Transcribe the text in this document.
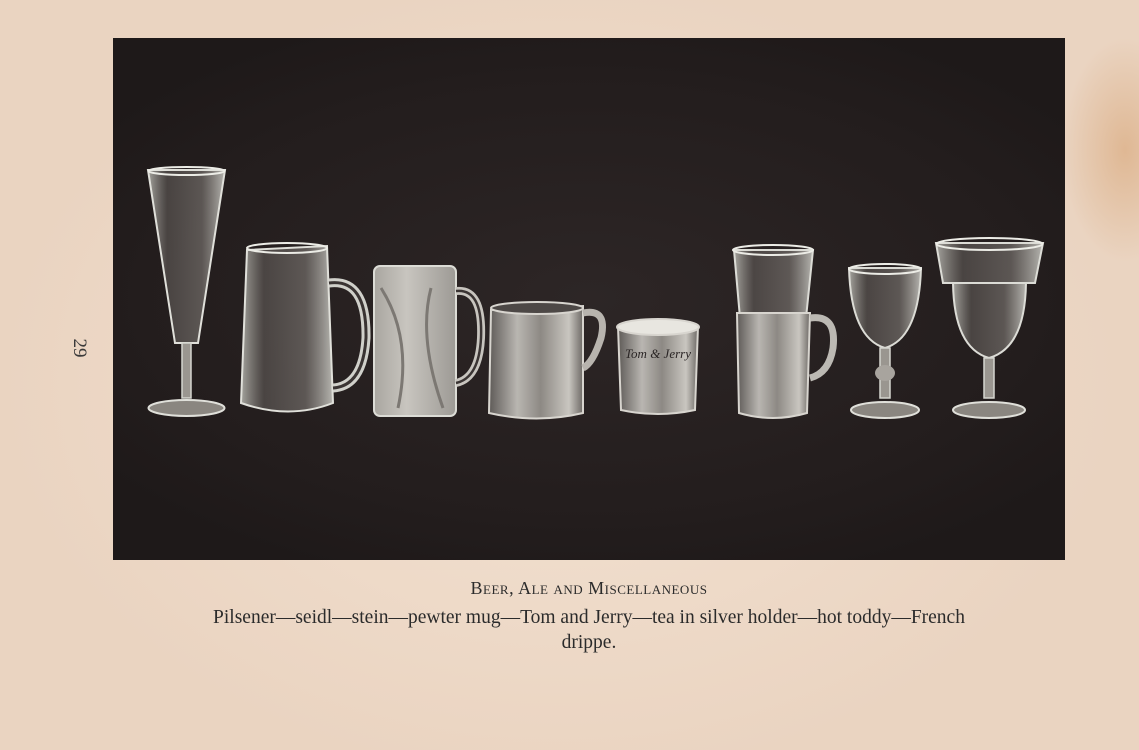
29	Tom & Jerry
Beer, Ale and Miscellaneous
Pilsener—seidl—stein—pewter mug—Tom and Jerry—tea in silver holder—hot toddy—French
drippe.
